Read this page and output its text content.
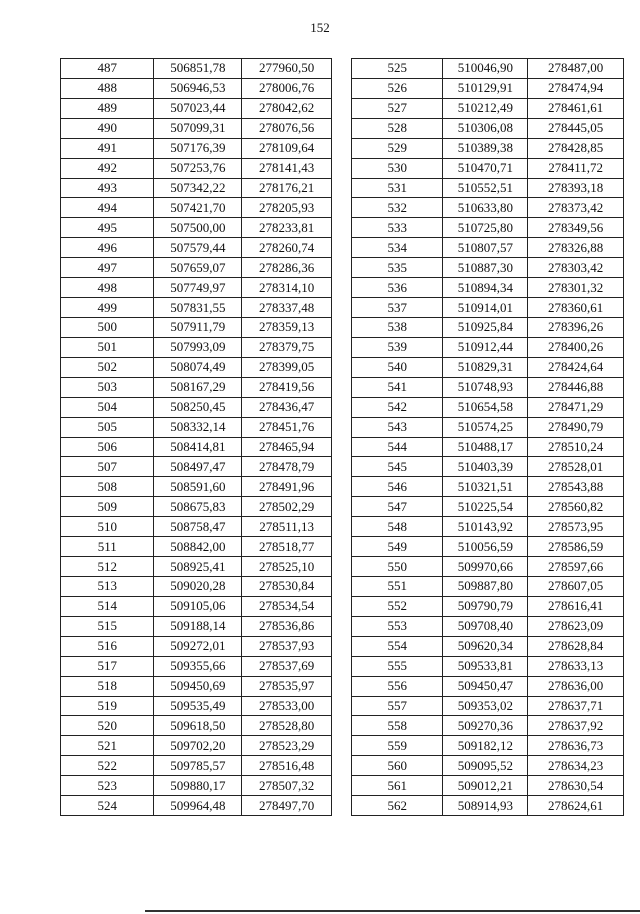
152
487	506851,78	277960,50
488	506946,53	278006,76
489	507023,44	278042,62
490	507099,31	278076,56
491	507176,39	278109,64
492	507253,76	278141,43
493	507342,22	278176,21
494	507421,70	278205,93
495	507500,00	278233,81
496	507579,44	278260,74
497	507659,07	278286,36
498	507749,97	278314,10
499	507831,55	278337,48
500	507911,79	278359,13
501	507993,09	278379,75
502	508074,49	278399,05
503	508167,29	278419,56
504	508250,45	278436,47
505	508332,14	278451,76
506	508414,81	278465,94
507	508497,47	278478,79
508	508591,60	278491,96
509	508675,83	278502,29
510	508758,47	278511,13
511	508842,00	278518,77
512	508925,41	278525,10
513	509020,28	278530,84
514	509105,06	278534,54
515	509188,14	278536,86
516	509272,01	278537,93
517	509355,66	278537,69
518	509450,69	278535,97
519	509535,49	278533,00
520	509618,50	278528,80
521	509702,20	278523,29
522	509785,57	278516,48
523	509880,17	278507,32
524	509964,48	278497,70
525	510046,90	278487,00
526	510129,91	278474,94
527	510212,49	278461,61
528	510306,08	278445,05
529	510389,38	278428,85
530	510470,71	278411,72
531	510552,51	278393,18
532	510633,80	278373,42
533	510725,80	278349,56
534	510807,57	278326,88
535	510887,30	278303,42
536	510894,34	278301,32
537	510914,01	278360,61
538	510925,84	278396,26
539	510912,44	278400,26
540	510829,31	278424,64
541	510748,93	278446,88
542	510654,58	278471,29
543	510574,25	278490,79
544	510488,17	278510,24
545	510403,39	278528,01
546	510321,51	278543,88
547	510225,54	278560,82
548	510143,92	278573,95
549	510056,59	278586,59
550	509970,66	278597,66
551	509887,80	278607,05
552	509790,79	278616,41
553	509708,40	278623,09
554	509620,34	278628,84
555	509533,81	278633,13
556	509450,47	278636,00
557	509353,02	278637,71
558	509270,36	278637,92
559	509182,12	278636,73
560	509095,52	278634,23
561	509012,21	278630,54
562	508914,93	278624,61
